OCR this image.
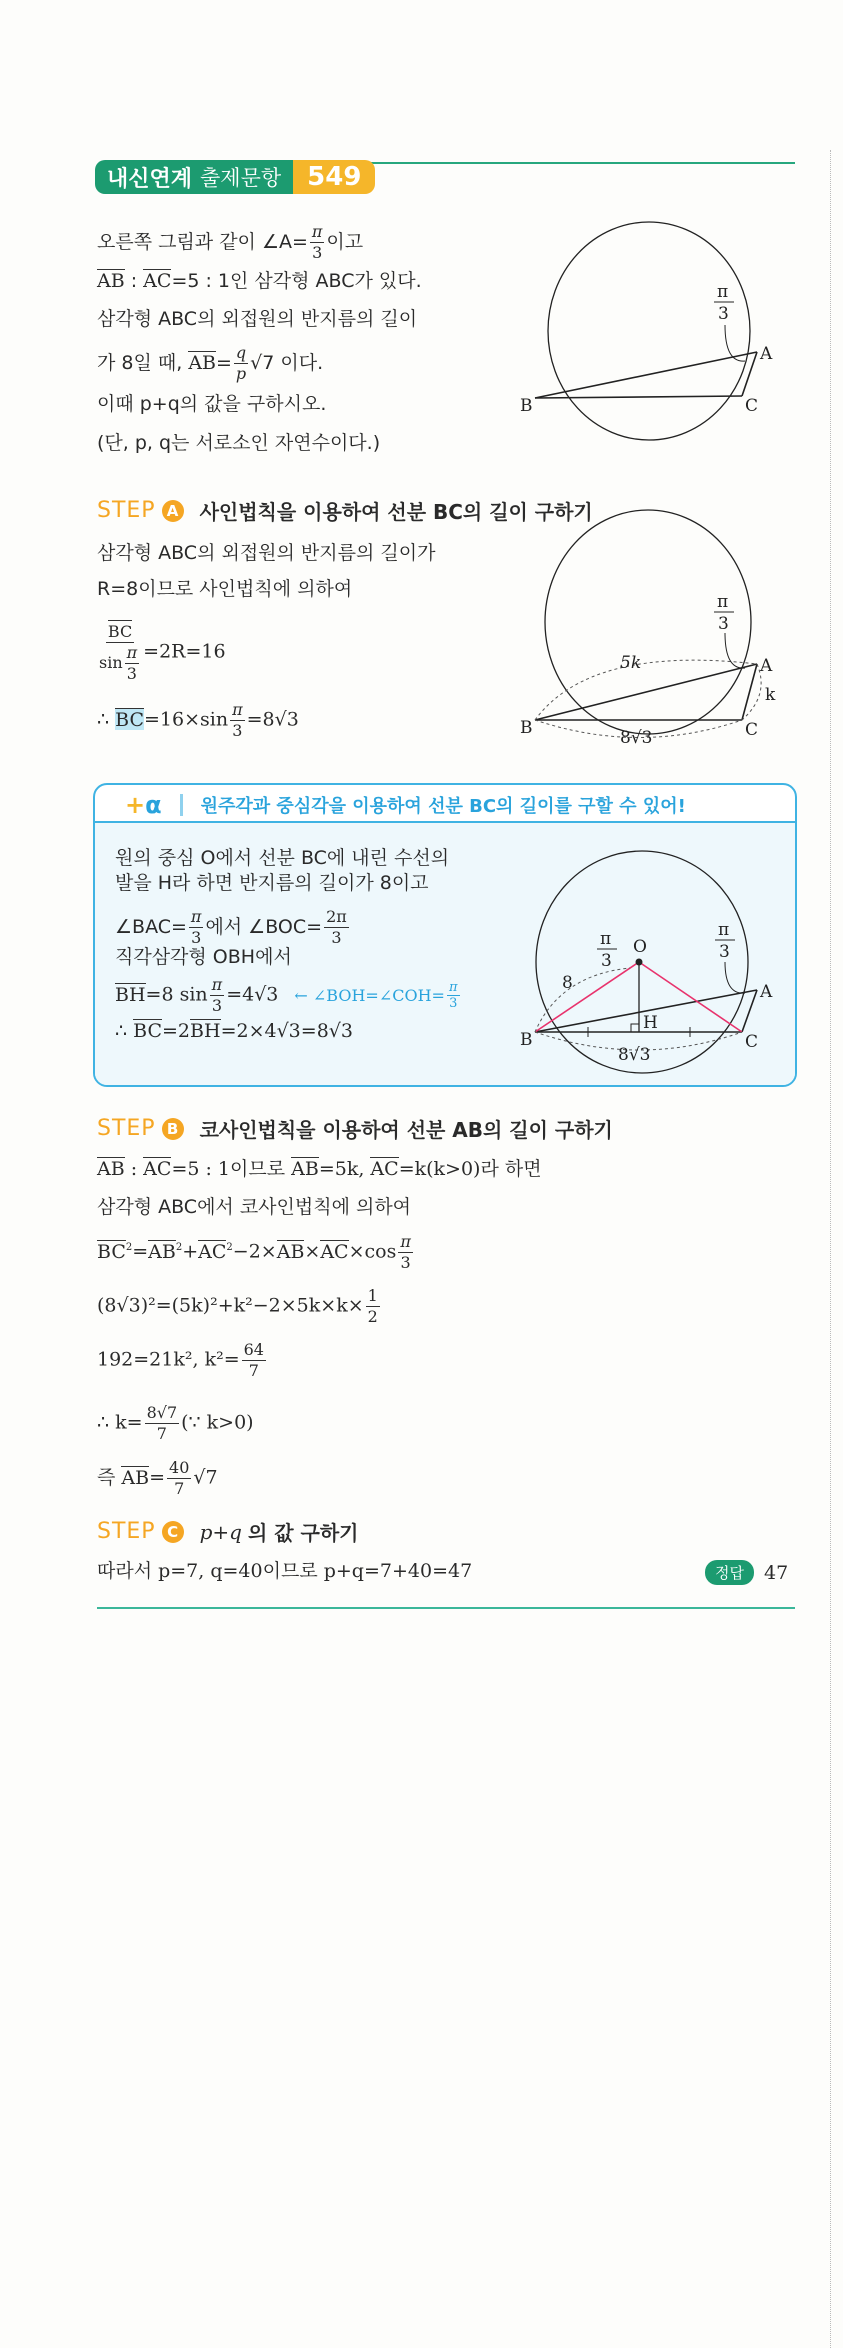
내신연계 출제문항	549
오른쪽 그림과 같이 ∠A= $\frac{\pi}{3}$ 이고
AB : AC=5 : 1인 삼각형 ABC가 있다.
삼각형 ABC의 외접원의 반지름의 길이
가 8일 때, $AB= \frac{q}{p} √7$ 이다.
이때 p+q의 값을 구하시오.
(단, p, q는 서로소인 자연수이다.)
π
3
A
B	C
STEP A 사인법칙을 이용하여 선분 BC의 길이 구하기
삼각형 ABC의 외접원의 반지름의 길이가
R=8이므로 사인법칙에 의하여
$\frac{BC}{\sin \frac{\pi}{3}} =2R=16$
∴ $BC=16\times\sin \frac{\pi}{3} =8√3$
π
3
5k
k
8√3
A
B	C
+α 원주각과 중심각을 이용하여 선분 BC의 길이를 구할 수 있어!
원의 중심 O에서 선분 BC에 내린 수선의
발을 H라 하면 반지름의 길이가 8이고
∠BAC= $\frac{\pi}{3}$ 에서 ∠BOC= $\frac{2\pi}{3}$
직각삼각형 OBH에서
BH=8 $\sin \frac{\pi}{3} =4√3$ ← ∠BOH=∠COH= $\frac{\pi}{3}$
∴ BC=2BH=2×4√3=8√3
π
3
π
3
O
H
8
8√3
A
B	C
STEP B 코사인법칙을 이용하여 선분 AB의 길이 구하기
AB : AC=5 : 1이므로 AB=5k, AC=k(k>0)라 하면
삼각형 ABC에서 코사인법칙에 의하여
$BC^2=AB^2+AC^2-2\times AB\times AC\times\cos \frac{\pi}{3}$
$(8√3)^2=(5k)^2+k^2-2\times 5k\times k\times \frac{1}{2}$
192=21k², $k^2= \frac{64}{7}$
∴ $k= \frac{8√7}{7}$ (∵ k>0)
즉 $AB= \frac{40}{7} √7$
STEP C p+q 의 값 구하기
따라서 p=7, q=40이므로 p+q=7+40=47	정답	47
